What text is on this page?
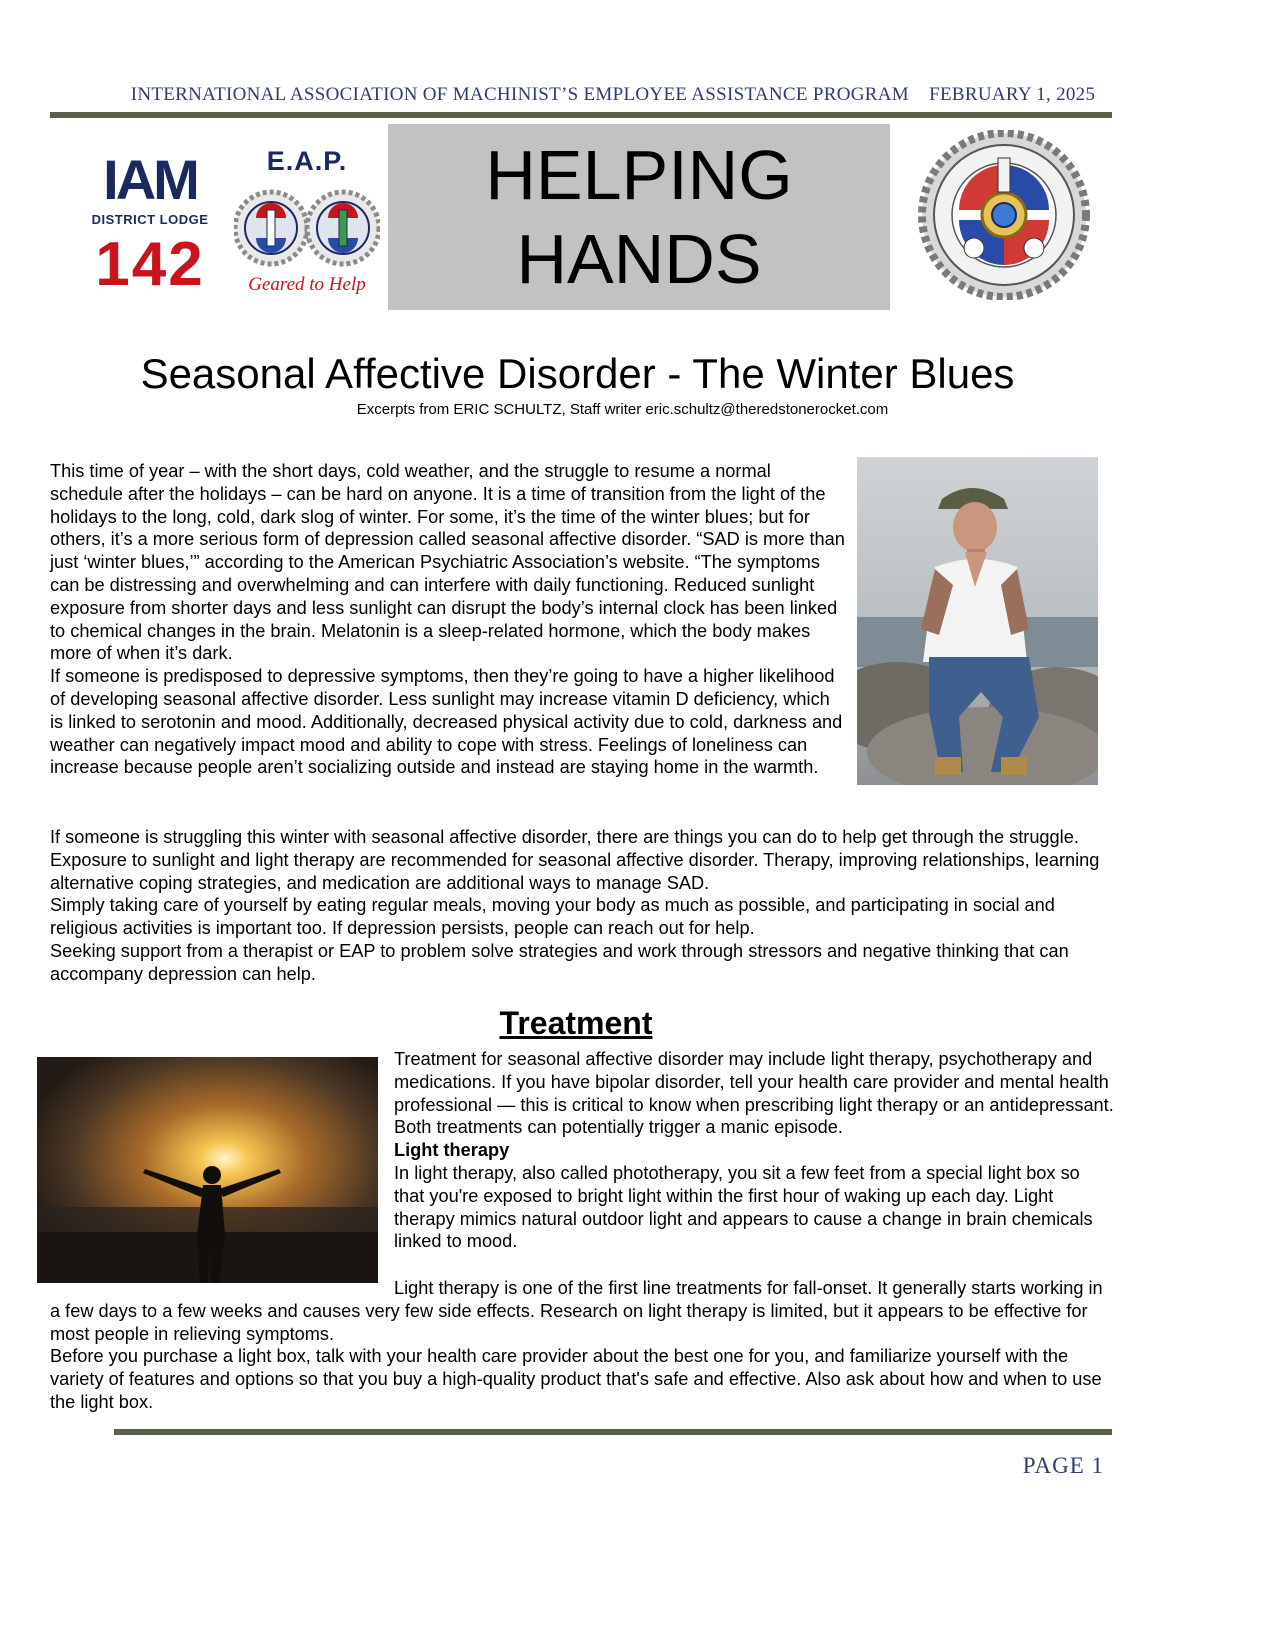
INTERNATIONAL ASSOCIATION OF MACHINIST’S EMPLOYEE ASSISTANCE PROGRAM    FEBRUARY 1, 2025
IAM
DISTRICT LODGE
142
E.A.P.
Geared to Help
HELPING
HANDS
Seasonal Affective Disorder - The Winter Blues
Excerpts from ERIC SCHULTZ, Staff writer eric.schultz@theredstonerocket.com

This time of year – with the short days, cold weather, and the struggle to resume a normal schedule after the holidays – can be hard on anyone. It is a time of transition from the light of the holidays to the long, cold, dark slog of winter. For some, it’s the time of the winter blues; but for others, it’s a more serious form of depression called seasonal affective disorder. “SAD is more than just ‘winter blues,’” according to the American Psychiatric Association’s website. “The symptoms can be distressing and overwhelming and can interfere with daily functioning. Reduced sunlight exposure from shorter days and less sunlight can disrupt the body’s internal clock has been linked to chemical changes in the brain. Melatonin is a sleep-related hormone, which the body makes more of when it’s dark.

If someone is predisposed to depressive symptoms, then they’re going to have a higher likelihood of developing seasonal affective disorder. Less sunlight may increase vitamin D deficiency, which is linked to serotonin and mood. Additionally, decreased physical activity due to cold, darkness and weather can negatively impact mood and ability to cope with stress. Feelings of loneliness can increase because people aren’t socializing outside and instead are staying home in the warmth.

If someone is struggling this winter with seasonal affective disorder, there are things you can do to help get through the struggle. Exposure to sunlight and light therapy are recommended for seasonal affective disorder. Therapy, improving relationships, learning alternative coping strategies, and medication are additional ways to manage SAD.

Simply taking care of yourself by eating regular meals, moving your body as much as possible, and participating in social and religious activities is important too. If depression persists, people can reach out for help.

Seeking support from a therapist or EAP to problem solve strategies and work through stressors and negative thinking that can accompany depression can help.

Treatment

Treatment for seasonal affective disorder may include light therapy, psychotherapy and medications. If you have bipolar disorder, tell your health care provider and mental health professional — this is critical to know when prescribing light therapy or an antidepressant. Both treatments can potentially trigger a manic episode.

Light therapy

In light therapy, also called phototherapy, you sit a few feet from a special light box so that you're exposed to bright light within the first hour of waking up each day. Light therapy mimics natural outdoor light and appears to cause a change in brain chemicals linked to mood.

Light therapy is one of the first line treatments for fall-onset. It generally starts working in a few days to a few weeks and causes very few side effects. Research on light therapy is limited, but it appears to be effective for most people in relieving symptoms.

Before you purchase a light box, talk with your health care provider about the best one for you, and familiarize yourself with the variety of features and options so that you buy a high-quality product that's safe and effective. Also ask about how and when to use the light box.

PAGE 1
